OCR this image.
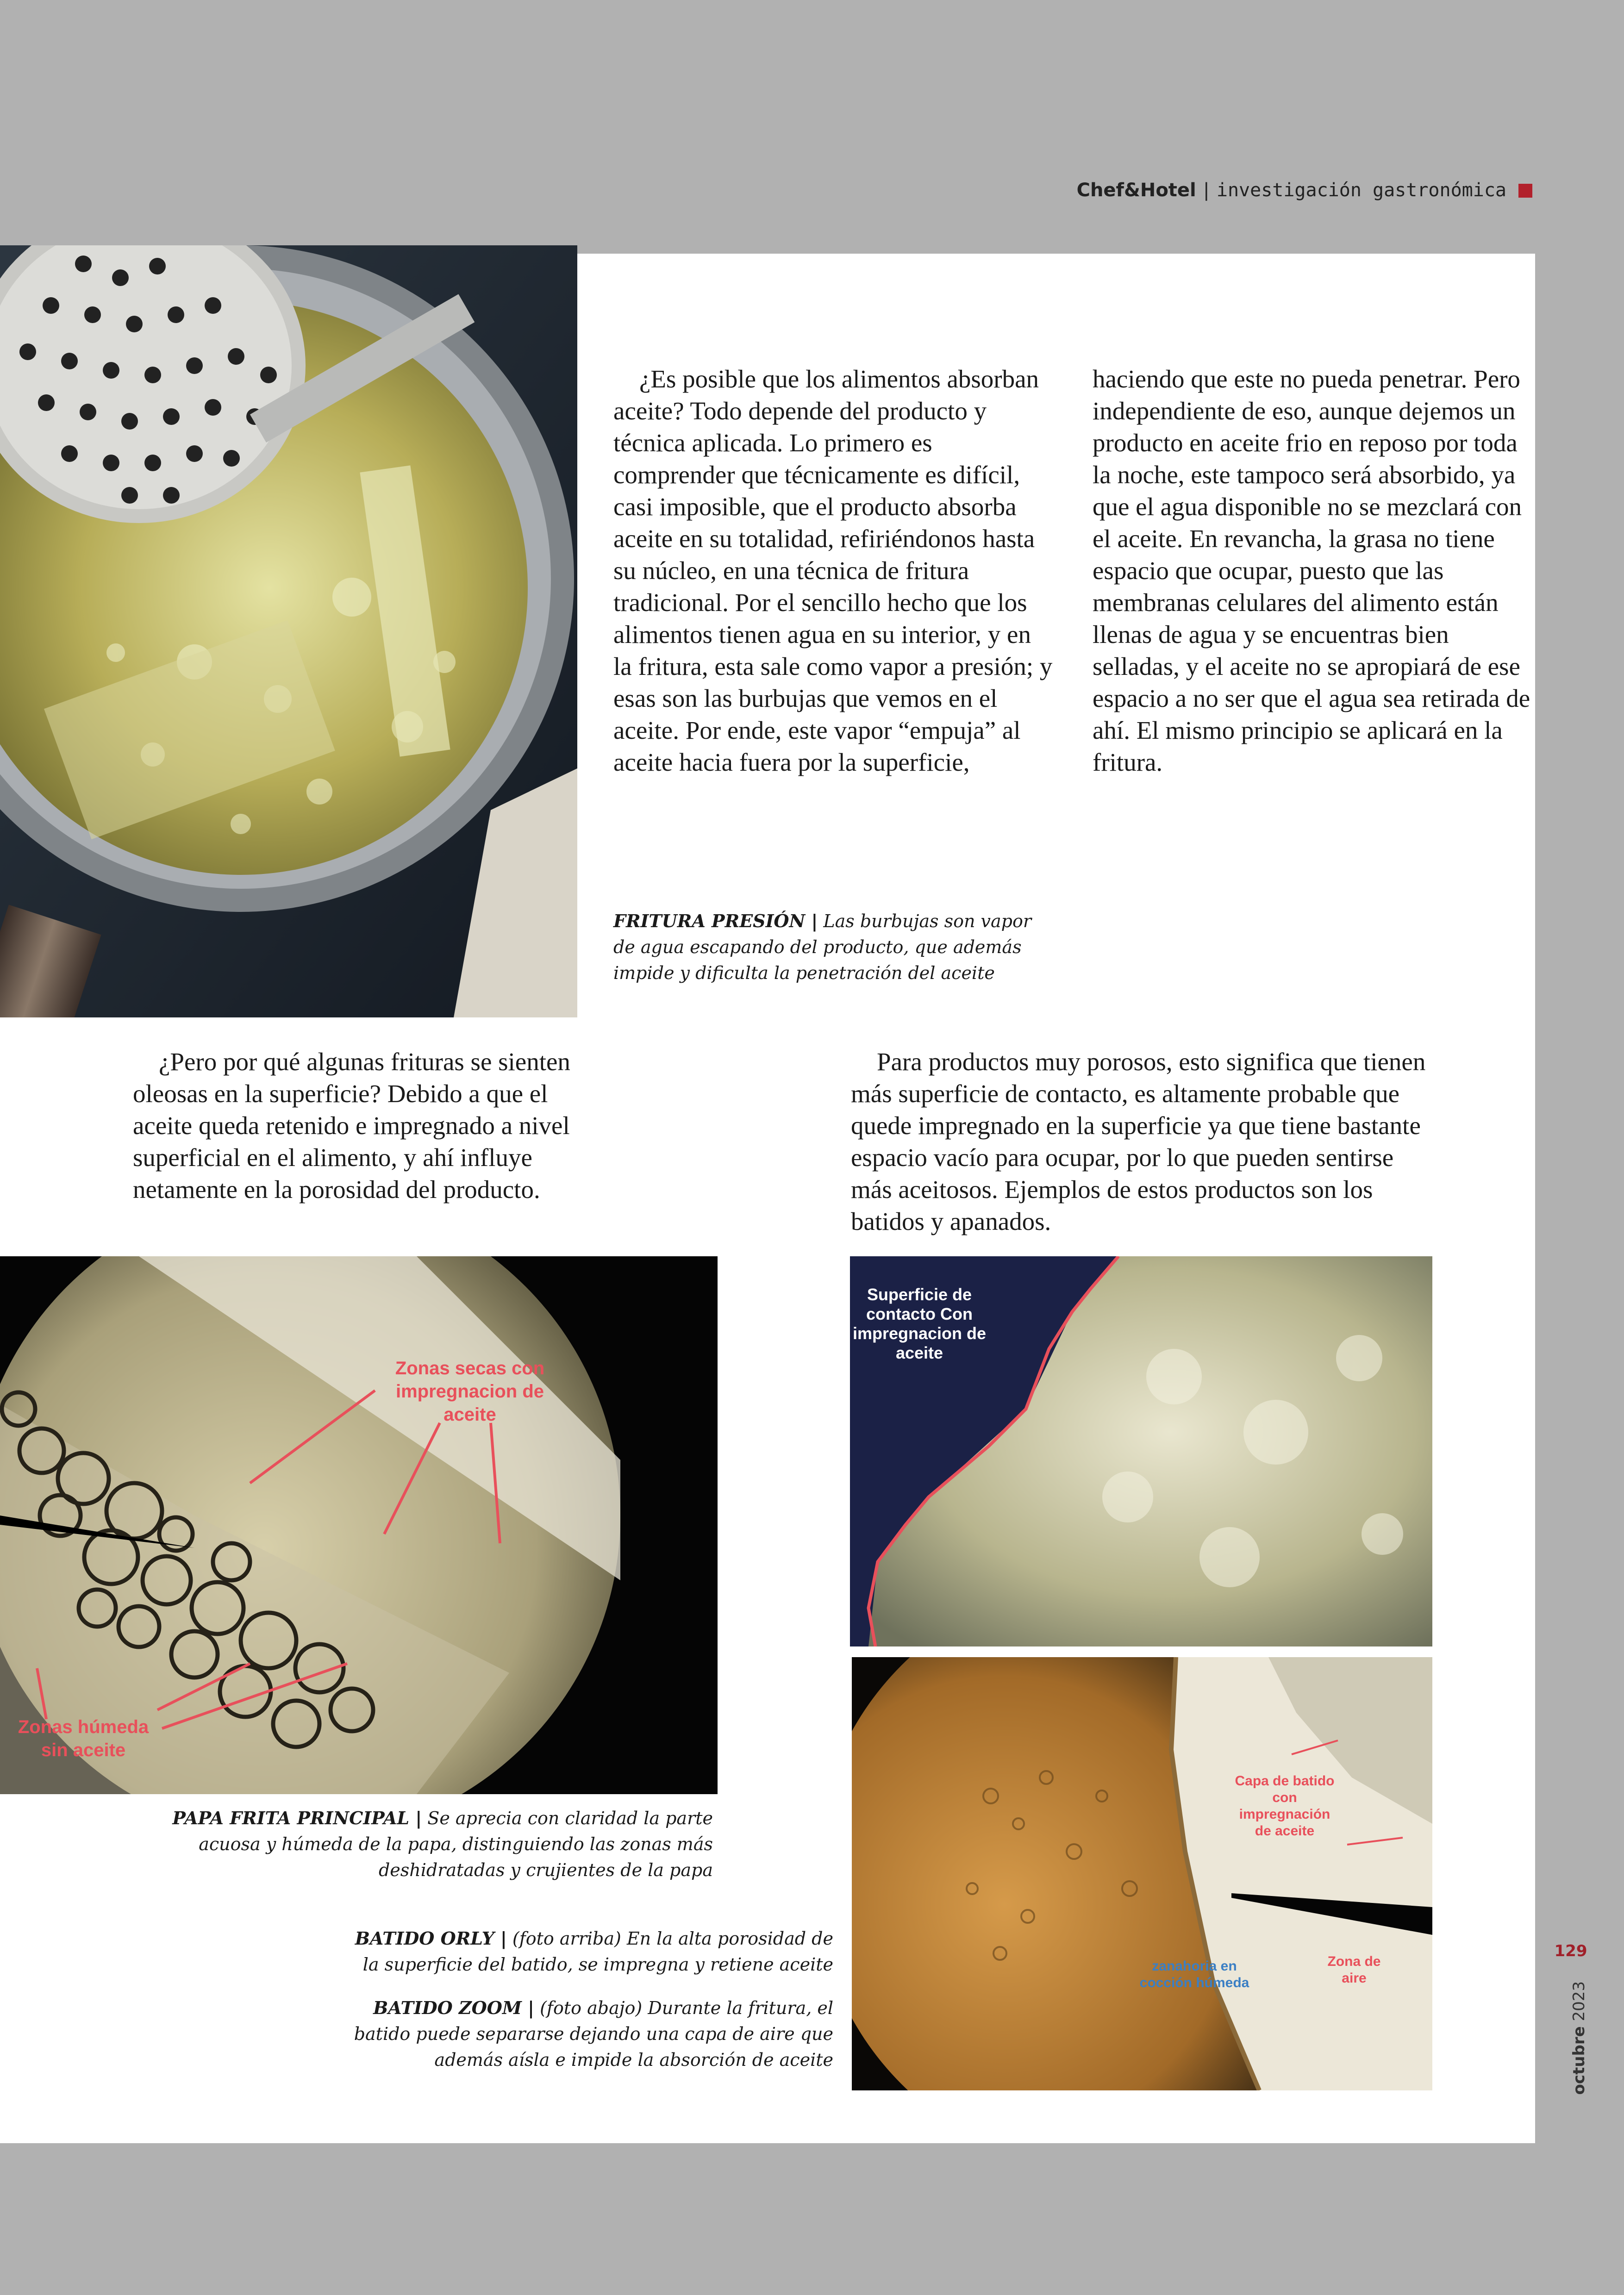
Chef&Hotel | investigación gastronómica

¿Es posible que los alimentos absorban aceite? Todo depende del producto y técnica aplicada. Lo primero es comprender que técnicamente es difícil, casi imposible, que el producto absorba aceite en su totalidad, refiriéndonos hasta su núcleo, en una técnica de fritura tradicional. Por el sencillo hecho que los alimentos tienen agua en su interior, y en la fritura, esta sale como vapor a presión; y esas son las burbujas que vemos en el aceite. Por ende, este vapor “empuja” al aceite hacia fuera por la superficie,

haciendo que este no pueda penetrar. Pero independiente de eso, aunque dejemos un producto en aceite frio en reposo por toda la noche, este tampoco será absorbido, ya que el agua disponible no se mezclará con el aceite. En revancha, la grasa no tiene espacio que ocupar, puesto que las membranas celulares del alimento están llenas de agua y se encuentras bien selladas, y el aceite no se apropiará de ese espacio a no ser que el agua sea retirada de ahí. El mismo principio se aplicará en la fritura.

FRITURA PRESIÓN | Las burbujas son vapor de agua escapando del producto, que además impide y dificulta la penetración del aceite

¿Pero por qué algunas frituras se sienten oleosas en la superficie? Debido a que el aceite queda retenido e impregnado a nivel superficial en el alimento, y ahí influye netamente en la porosidad del producto.

Para productos muy porosos, esto significa que tienen más superficie de contacto, es altamente probable que quede impregnado en la superficie ya que tiene bastante espacio vacío para ocupar, por lo que pueden sentirse más aceitosos. Ejemplos de estos productos son los batidos y apanados.

Zonas secas con
impregnacion de
aceite
Zonas húmeda
sin aceite

PAPA FRITA PRINCIPAL | Se aprecia con claridad la parte acuosa y húmeda de la papa, distinguiendo las zonas más deshidratadas y crujientes de la papa

BATIDO ORLY | (foto arriba) En la alta porosidad de la superficie del batido, se impregna y retiene aceite

BATIDO ZOOM | (foto abajo) Durante la fritura, el batido puede separarse dejando una capa de aire que además aísla e impide la absorción de aceite

Superficie de contacto Con impregnacion de aceite
Capa de batido con impregnación de aceite
Zona de aire
zanahoria en cocción húmeda
129
octubre 2023
